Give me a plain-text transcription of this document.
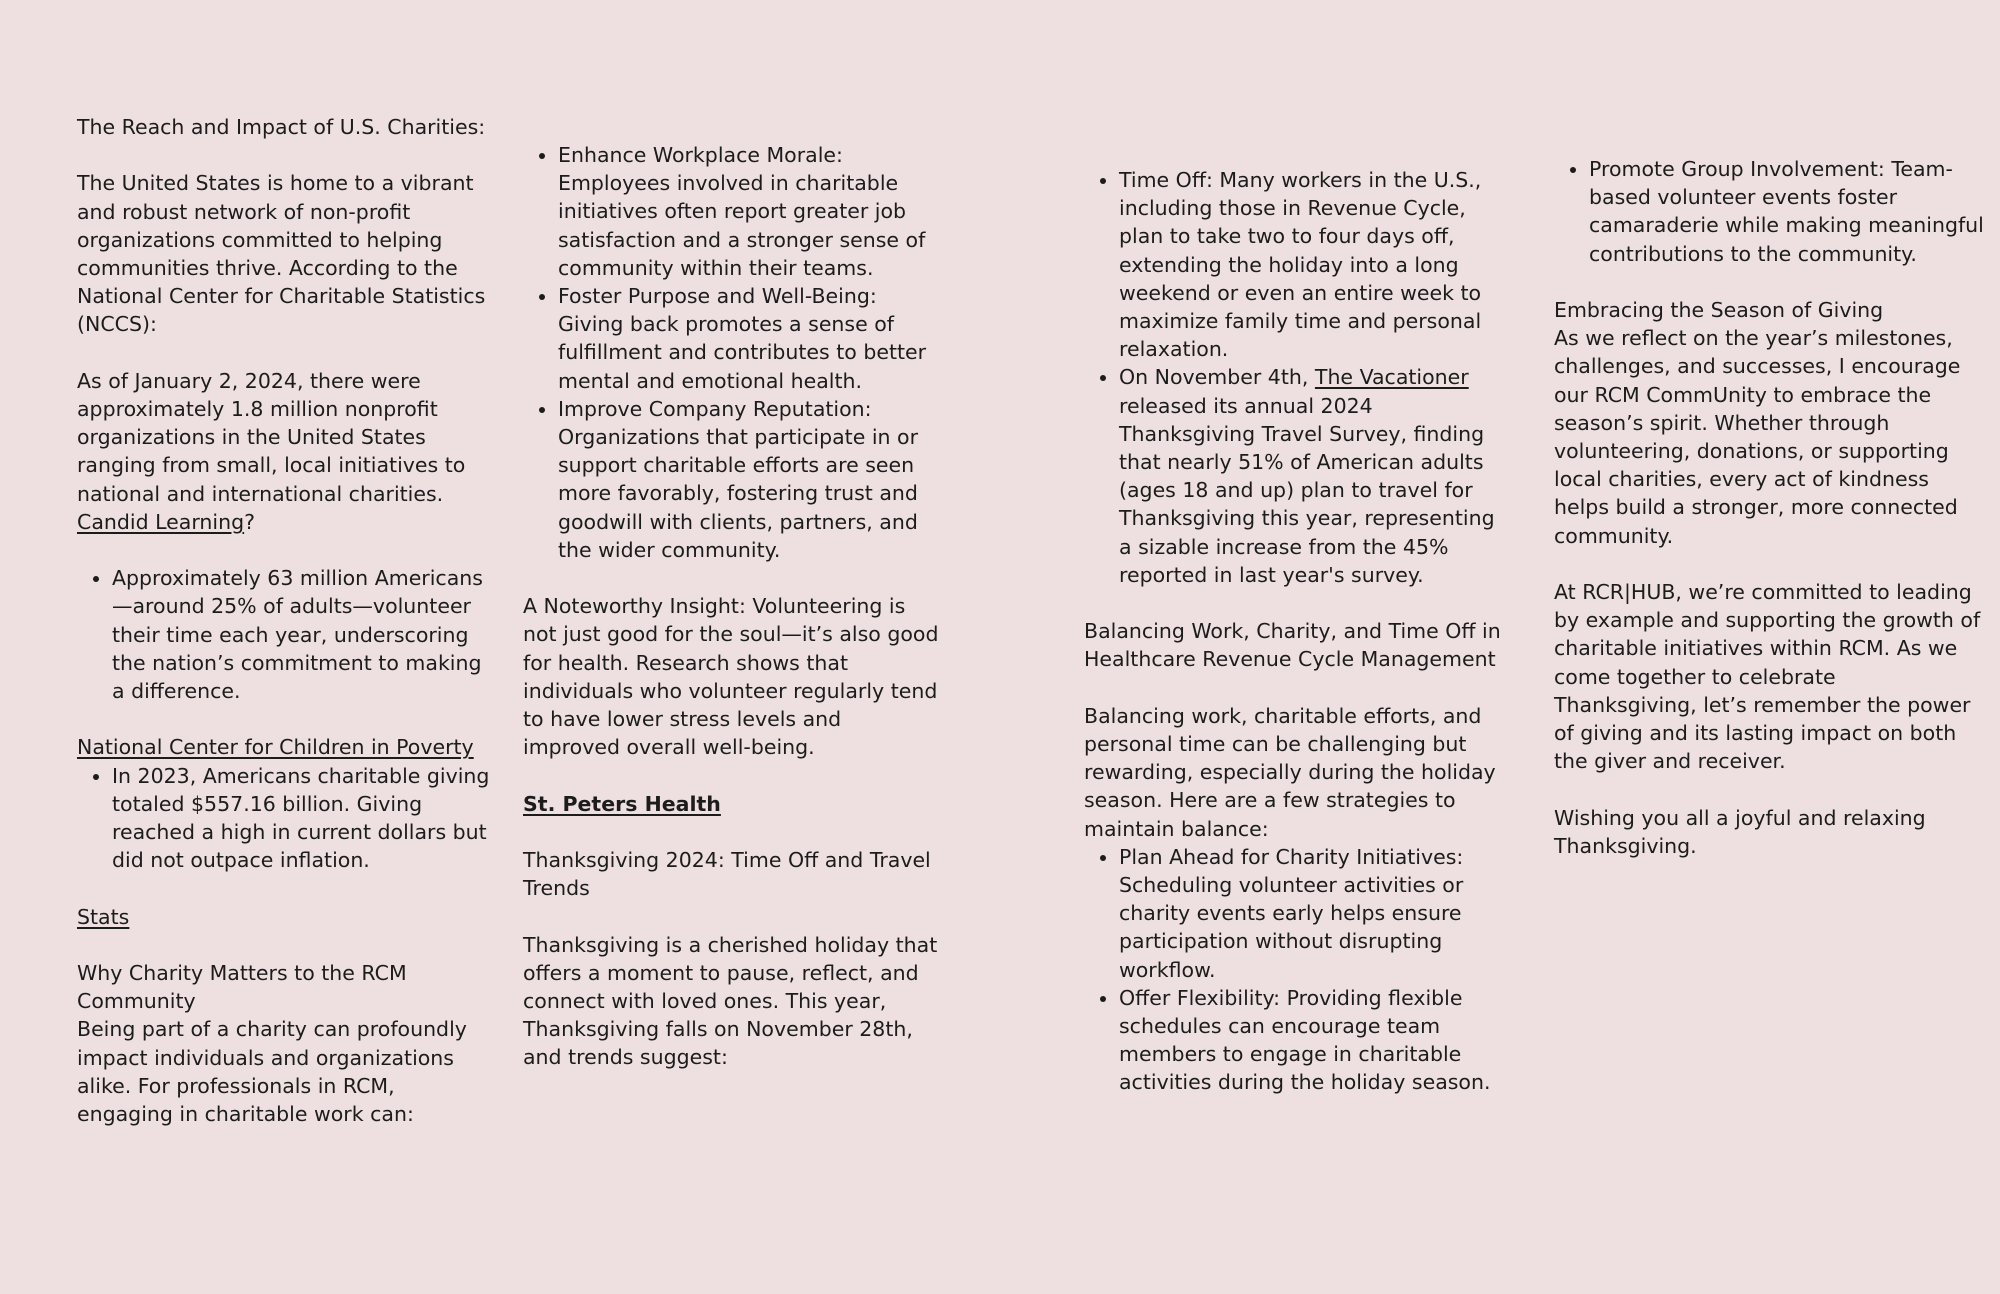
The Reach and Impact of U.S. Charities:

The United States is home to a vibrant and robust network of non-profit organizations committed to helping communities thrive. According to the National Center for Charitable Statistics (NCCS):

As of January 2, 2024, there were approximately 1.8 million nonprofit organizations in the United States ranging from small, local initiatives to national and international charities.
Candid Learning?

• Approximately 63 million Americans—around 25% of adults—volunteer their time each year, underscoring the nation’s commitment to making a difference.

National Center for Children in Poverty

• In 2023, Americans charitable giving totaled $557.16 billion. Giving reached a high in current dollars but did not outpace inflation.

Stats

Why Charity Matters to the RCM Community

Being part of a charity can profoundly impact individuals and organizations alike. For professionals in RCM, engaging in charitable work can:

• Enhance Workplace Morale: Employees involved in charitable initiatives often report greater job satisfaction and a stronger sense of community within their teams.
• Foster Purpose and Well-Being: Giving back promotes a sense of fulfillment and contributes to better mental and emotional health.
• Improve Company Reputation: Organizations that participate in or support charitable efforts are seen more favorably, fostering trust and goodwill with clients, partners, and the wider community.

A Noteworthy Insight: Volunteering is not just good for the soul—it’s also good for health. Research shows that individuals who volunteer regularly tend to have lower stress levels and improved overall well-being.

St. Peters Health

Thanksgiving 2024: Time Off and Travel Trends

Thanksgiving is a cherished holiday that offers a moment to pause, reflect, and connect with loved ones. This year, Thanksgiving falls on November 28th, and trends suggest:

• Time Off: Many workers in the U.S., including those in Revenue Cycle, plan to take two to four days off, extending the holiday into a long weekend or even an entire week to maximize family time and personal relaxation.
• On November 4th, The Vacationer released its annual 2024 Thanksgiving Travel Survey, finding that nearly 51% of American adults (ages 18 and up) plan to travel for Thanksgiving this year, representing a sizable increase from the 45% reported in last year's survey.

Balancing Work, Charity, and Time Off in Healthcare Revenue Cycle Management

Balancing work, charitable efforts, and personal time can be challenging but rewarding, especially during the holiday season. Here are a few strategies to maintain balance:

• Plan Ahead for Charity Initiatives: Scheduling volunteer activities or charity events early helps ensure participation without disrupting workflow.
• Offer Flexibility: Providing flexible schedules can encourage team members to engage in charitable activities during the holiday season.
• Promote Group Involvement: Team-based volunteer events foster camaraderie while making meaningful contributions to the community.

Embracing the Season of Giving

As we reflect on the year’s milestones, challenges, and successes, I encourage our RCM CommUnity to embrace the season’s spirit. Whether through volunteering, donations, or supporting local charities, every act of kindness helps build a stronger, more connected community.

At RCR|HUB, we’re committed to leading by example and supporting the growth of charitable initiatives within RCM. As we come together to celebrate Thanksgiving, let’s remember the power of giving and its lasting impact on both the giver and receiver.

Wishing you all a joyful and relaxing Thanksgiving.
